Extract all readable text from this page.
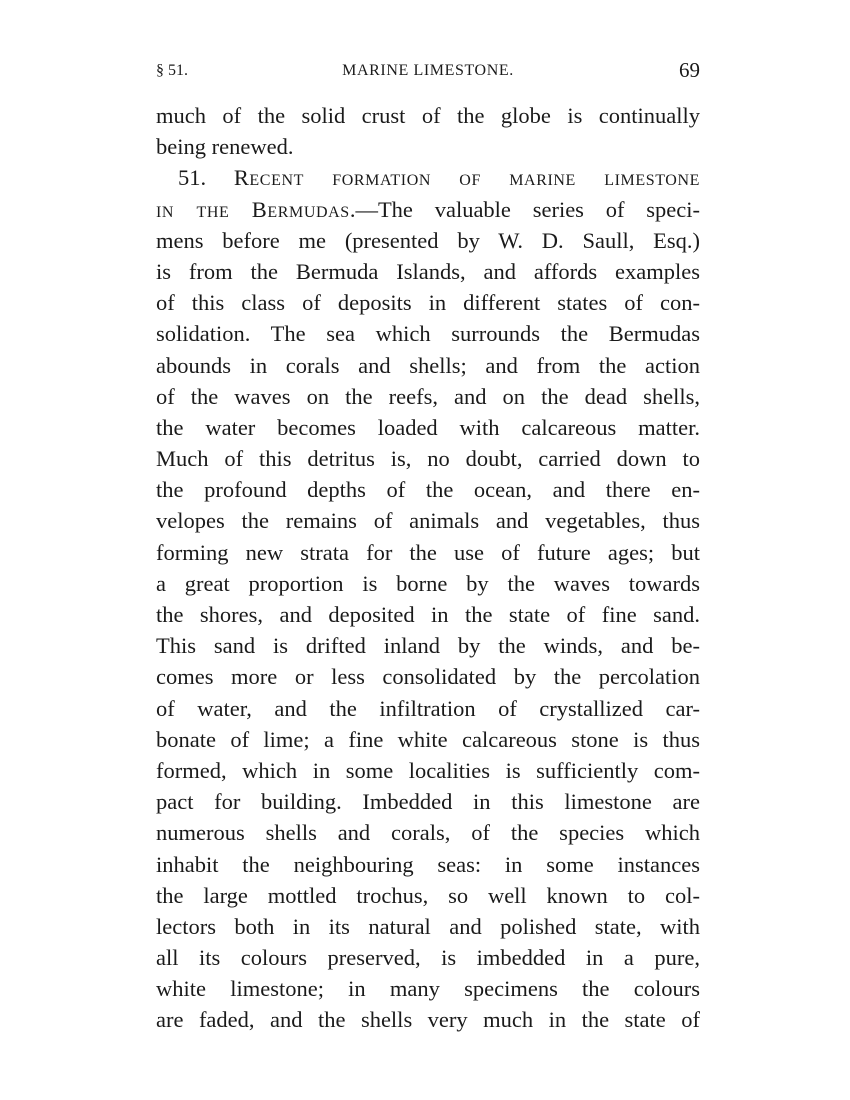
§ 51.	MARINE LIMESTONE.	69
much of the solid crust of the globe is continually
being renewed.
51. Recent formation of marine limestone
in the Bermudas.—The valuable series of speci-
mens before me (presented by W. D. Saull, Esq.)
is from the Bermuda Islands, and affords examples
of this class of deposits in different states of con-
solidation. The sea which surrounds the Bermudas
abounds in corals and shells; and from the action
of the waves on the reefs, and on the dead shells,
the water becomes loaded with calcareous matter.
Much of this detritus is, no doubt, carried down to
the profound depths of the ocean, and there en-
velopes the remains of animals and vegetables, thus
forming new strata for the use of future ages; but
a great proportion is borne by the waves towards
the shores, and deposited in the state of fine sand.
This sand is drifted inland by the winds, and be-
comes more or less consolidated by the percolation
of water, and the infiltration of crystallized car-
bonate of lime; a fine white calcareous stone is thus
formed, which in some localities is sufficiently com-
pact for building. Imbedded in this limestone are
numerous shells and corals, of the species which
inhabit the neighbouring seas: in some instances
the large mottled trochus, so well known to col-
lectors both in its natural and polished state, with
all its colours preserved, is imbedded in a pure,
white limestone; in many specimens the colours
are faded, and the shells very much in the state of
